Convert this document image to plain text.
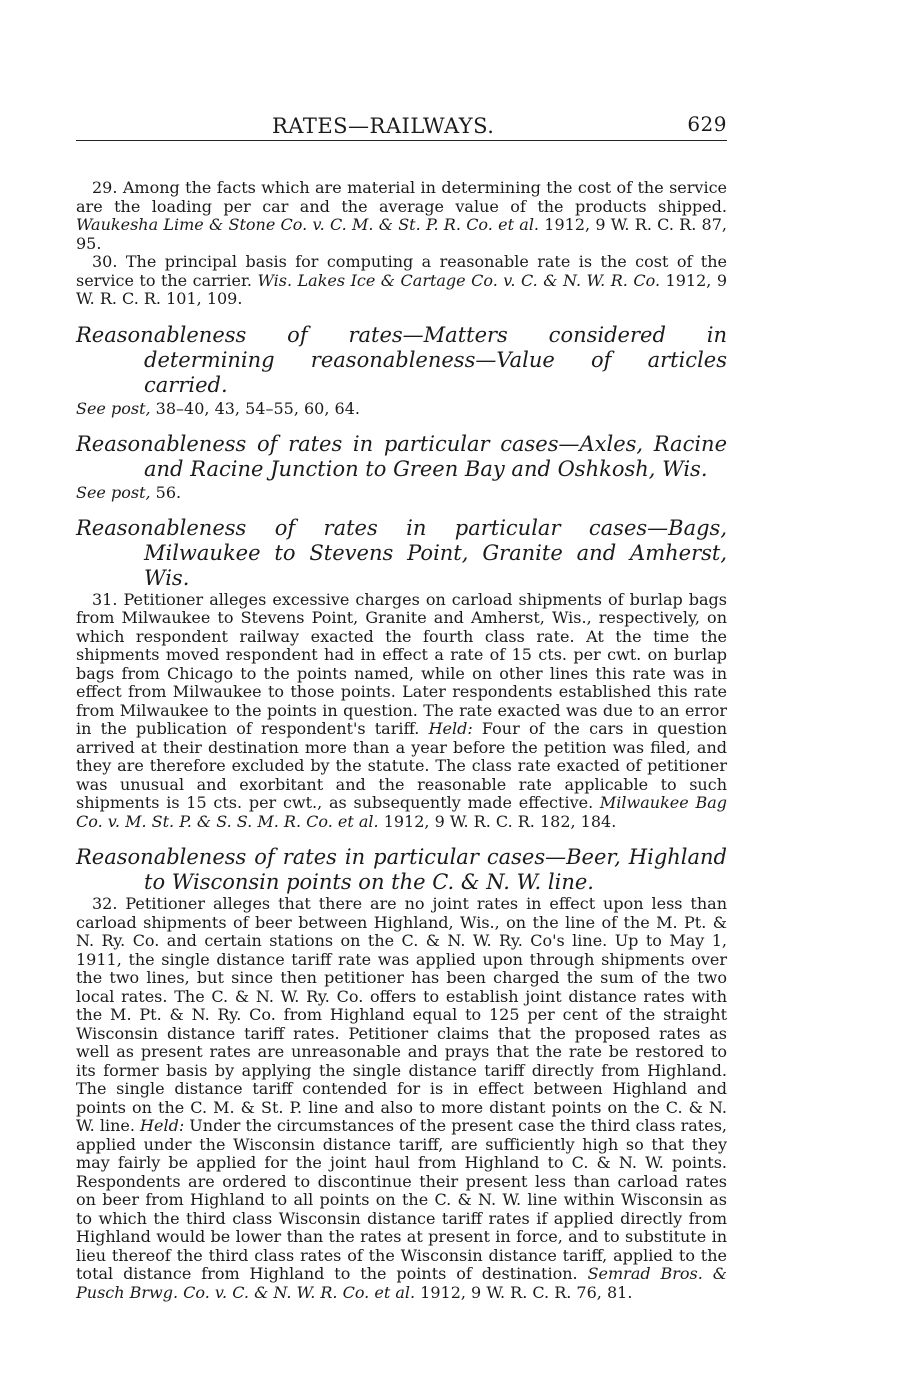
RATES—RAILWAYS.	629

29. Among the facts which are material in determining the cost of the service are the loading per car and the average value of the products shipped. Waukesha Lime & Stone Co. v. C. M. & St. P. R. Co. et al. 1912, 9 W. R. C. R. 87, 95.

30. The principal basis for computing a reasonable rate is the cost of the service to the carrier. Wis. Lakes Ice & Cartage Co. v. C. & N. W. R. Co. 1912, 9 W. R. C. R. 101, 109.

Reasonableness of rates—Matters considered in determining reasonableness—Value of articles carried.
See post, 38–40, 43, 54–55, 60, 64.
Reasonableness of rates in particular cases—Axles, Racine and Racine Junction to Green Bay and Oshkosh, Wis.
See post, 56.
Reasonableness of rates in particular cases—Bags, Milwaukee to Stevens Point, Granite and Amherst, Wis.

31. Petitioner alleges excessive charges on carload shipments of burlap bags from Milwaukee to Stevens Point, Granite and Amherst, Wis., respectively, on which respondent railway exacted the fourth class rate. At the time the shipments moved respondent had in effect a rate of 15 cts. per cwt. on burlap bags from Chicago to the points named, while on other lines this rate was in effect from Milwaukee to those points. Later respondents established this rate from Milwaukee to the points in question. The rate exacted was due to an error in the publication of respondent's tariff. Held: Four of the cars in question arrived at their destination more than a year before the petition was filed, and they are therefore excluded by the statute. The class rate exacted of petitioner was unusual and exorbitant and the reasonable rate applicable to such shipments is 15 cts. per cwt., as subsequently made effective. Milwaukee Bag Co. v. M. St. P. & S. S. M. R. Co. et al. 1912, 9 W. R. C. R. 182, 184.

Reasonableness of rates in particular cases—Beer, Highland to Wisconsin points on the C. & N. W. line.

32. Petitioner alleges that there are no joint rates in effect upon less than carload shipments of beer between Highland, Wis., on the line of the M. Pt. & N. Ry. Co. and certain stations on the C. & N. W. Ry. Co's line. Up to May 1, 1911, the single distance tariff rate was applied upon through shipments over the two lines, but since then petitioner has been charged the sum of the two local rates. The C. & N. W. Ry. Co. offers to establish joint distance rates with the M. Pt. & N. Ry. Co. from Highland equal to 125 per cent of the straight Wisconsin distance tariff rates. Petitioner claims that the proposed rates as well as present rates are unreasonable and prays that the rate be restored to its former basis by applying the single distance tariff directly from Highland. The single distance tariff contended for is in effect between Highland and points on the C. M. & St. P. line and also to more distant points on the C. & N. W. line. Held: Under the circumstances of the present case the third class rates, applied under the Wisconsin distance tariff, are sufficiently high so that they may fairly be applied for the joint haul from Highland to C. & N. W. points. Respondents are ordered to discontinue their present less than carload rates on beer from Highland to all points on the C. & N. W. line within Wisconsin as to which the third class Wisconsin distance tariff rates if applied directly from Highland would be lower than the rates at present in force, and to substitute in lieu thereof the third class rates of the Wisconsin distance tariff, applied to the total distance from Highland to the points of destination. Semrad Bros. & Pusch Brwg. Co. v. C. & N. W. R. Co. et al. 1912, 9 W. R. C. R. 76, 81.
